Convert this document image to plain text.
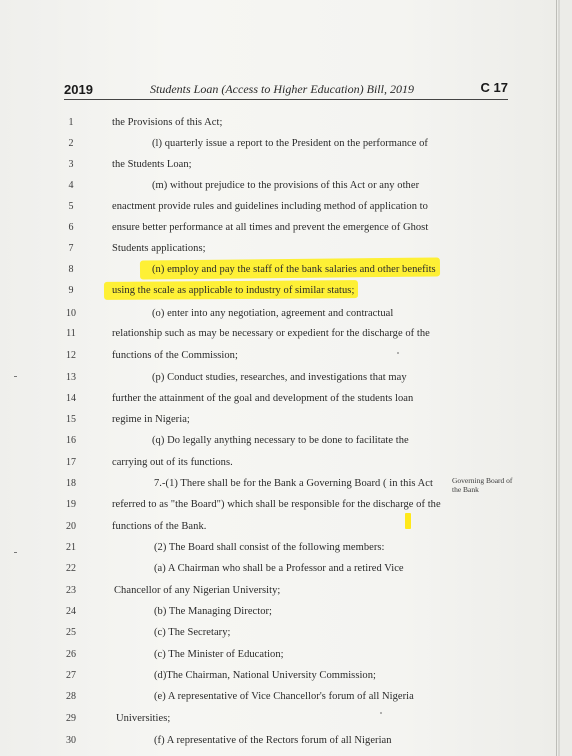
2019	Students Loan (Access to Higher Education) Bill, 2019	C 17
1	the Provisions of this Act;
2	(l) quarterly issue a report to the President on the performance of
3	the Students Loan;
4	(m) without prejudice to the provisions of this Act or any other
5	enactment provide rules and guidelines including method of application to
6	ensure better performance at all times and prevent the emergence of Ghost
7	Students applications;
8	(n) employ and pay the staff of the bank salaries and other benefits
9	using the scale as applicable to industry of similar status;
10	(o) enter into any negotiation, agreement and contractual
11	relationship such as may be necessary or expedient for the discharge of the
12	functions of the Commission;
13	(p) Conduct studies, researches, and investigations that may
14	further the attainment of the goal and development of the students loan
15	regime in Nigeria;
16	(q) Do legally anything necessary to be done to facilitate the
17	carrying out of its functions.
18	7.-(1) There shall be for the Bank a Governing Board ( in this Act
19	referred to as "the Board") which shall be responsible for the discharge of the
20	functions of the Bank.
21	(2) The Board shall consist of the following members:
22	(a) A Chairman who shall be a Professor and a retired Vice
23	Chancellor of any Nigerian University;
24	(b) The Managing Director;
25	(c) The Secretary;
26	(c) The Minister of Education;
27	(d)The Chairman, National University Commission;
28	(e) A representative of Vice Chancellor's forum of all Nigeria
29	Universities;
30	(f) A representative of the Rectors forum of all Nigerian
Governing Board of the Bank
